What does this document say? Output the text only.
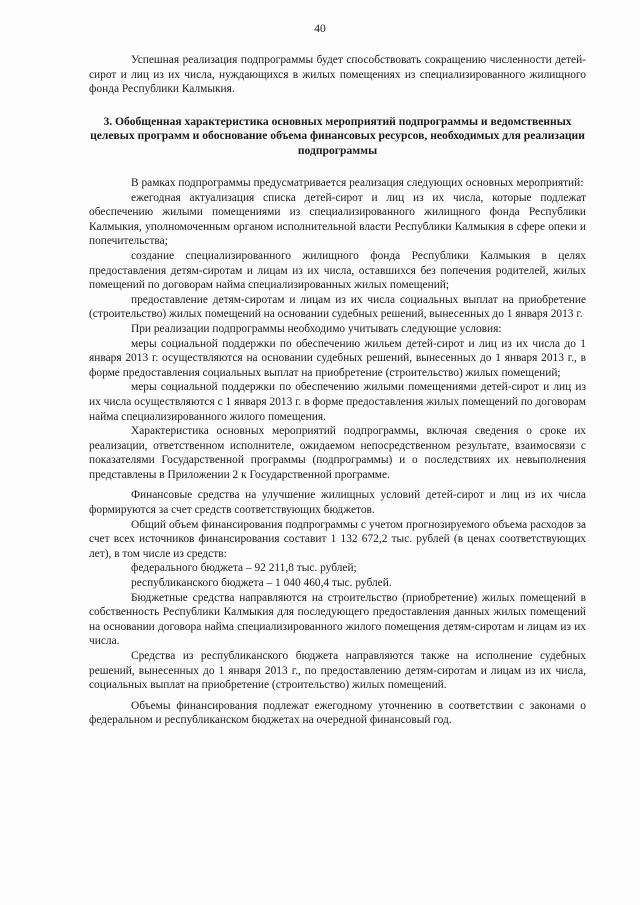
40

Успешная реализация подпрограммы будет способствовать сокращению численности детей-сирот и лиц из их числа, нуждающихся в жилых помещениях из специализированного жилищного фонда Республики Калмыкия.

3. Обобщенная характеристика основных мероприятий подпрограммы и ведомственных целевых программ и обоснование объема финансовых ресурсов, необходимых для реализации подпрограммы

В рамках подпрограммы предусматривается реализация следующих основных мероприятий:

ежегодная актуализация списка детей-сирот и лиц из их числа, которые подлежат обеспечению жилыми помещениями из специализированного жилищного фонда Республики Калмыкия, уполномоченным органом исполнительной власти Республики Калмыкия в сфере опеки и попечительства;

создание специализированного жилищного фонда Республики Калмыкия в целях предоставления детям-сиротам и лицам из их числа, оставшихся без попечения родителей, жилых помещений по договорам найма специализированных жилых помещений;

предоставление детям-сиротам и лицам из их числа социальных выплат на приобретение (строительство) жилых помещений на основании судебных решений, вынесенных до 1 января 2013 г.

При реализации подпрограммы необходимо учитывать следующие условия:

меры социальной поддержки по обеспечению жильем детей-сирот и лиц из их числа до 1 января 2013 г. осуществляются на основании судебных решений, вынесенных до 1 января 2013 г., в форме предоставления социальных выплат на приобретение (строительство) жилых помещений;

меры социальной поддержки по обеспечению жилыми помещениями детей-сирот и лиц из их числа осуществляются с 1 января 2013 г. в форме предоставления жилых помещений по договорам найма специализированного жилого помещения.

Характеристика основных мероприятий подпрограммы, включая сведения о сроке их реализации, ответственном исполнителе, ожидаемом непосредственном результате, взаимосвязи с показателями Государственной программы (подпрограммы) и о последствиях их невыполнения представлены в Приложении 2 к Государственной программе.

Финансовые средства на улучшение жилищных условий детей-сирот и лиц из их числа формируются за счет средств соответствующих бюджетов.

Общий объем финансирования подпрограммы с учетом прогнозируемого объема расходов за счет всех источников финансирования составит 1 132 672,2 тыс. рублей (в ценах соответствующих лет), в том числе из средств:

федерального бюджета – 92 211,8 тыс. рублей;

республиканского бюджета – 1 040 460,4 тыс. рублей.

Бюджетные средства направляются на строительство (приобретение) жилых помещений в собственность Республики Калмыкия для последующего предоставления данных жилых помещений на основании договора найма специализированного жилого помещения детям-сиротам и лицам из их числа.

Средства из республиканского бюджета направляются также на исполнение судебных решений, вынесенных до 1 января 2013 г., по предоставлению детям-сиротам и лицам из их числа, социальных выплат на приобретение (строительство) жилых помещений.

Объемы финансирования подлежат ежегодному уточнению в соответствии с законами о федеральном и республиканском бюджетах на очередной финансовый год.
